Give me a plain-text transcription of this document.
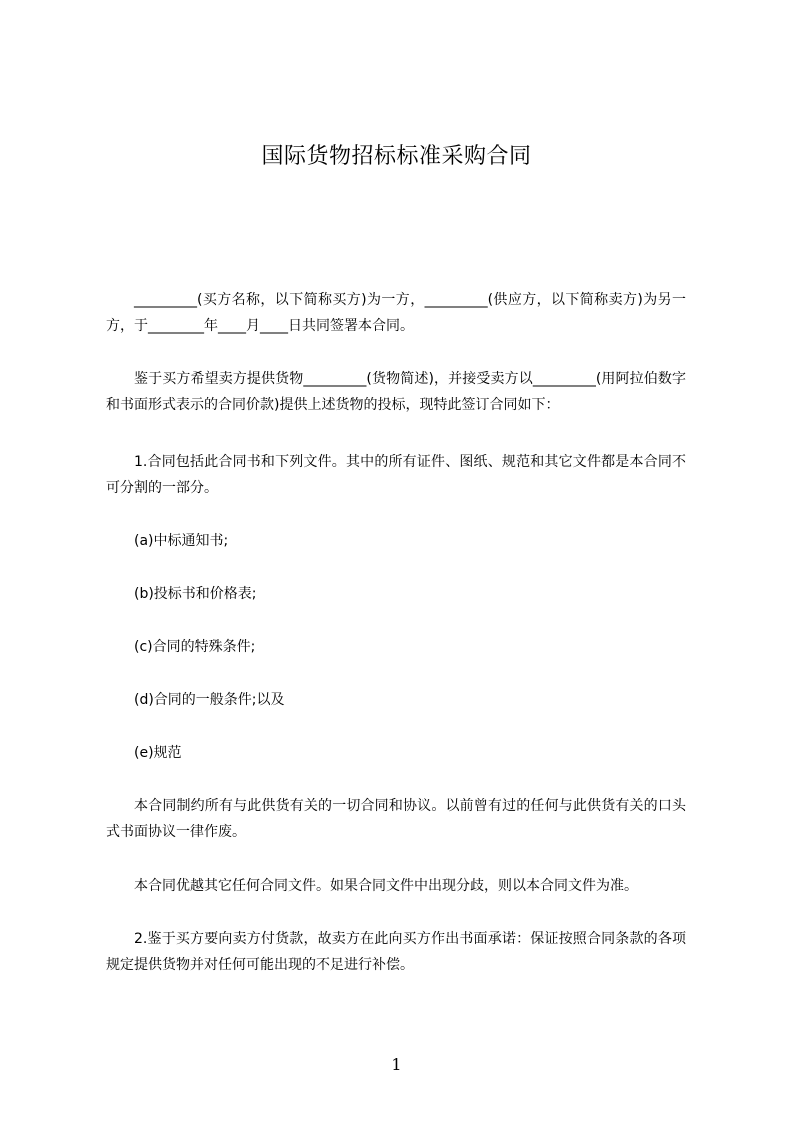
国际货物招标标准采购合同
_________(买方名称，以下简称买方)为一方，_________(供应方，以下简称卖方)为另一方，于________年____月____日共同签署本合同。
鉴于买方希望卖方提供货物_________(货物简述)，并接受卖方以_________(用阿拉伯数字和书面形式表示的合同价款)提供上述货物的投标，现特此签订合同如下：
1.合同包括此合同书和下列文件。其中的所有证件、图纸、规范和其它文件都是本合同不可分割的一部分。
(a)中标通知书;
(b)投标书和价格表;
(c)合同的特殊条件;
(d)合同的一般条件;以及
(e)规范
本合同制约所有与此供货有关的一切合同和协议。以前曾有过的任何与此供货有关的口头式书面协议一律作废。
本合同优越其它任何合同文件。如果合同文件中出现分歧，则以本合同文件为准。
2.鉴于买方要向卖方付货款，故卖方在此向买方作出书面承诺：保证按照合同条款的各项规定提供货物并对任何可能出现的不足进行补偿。
1
